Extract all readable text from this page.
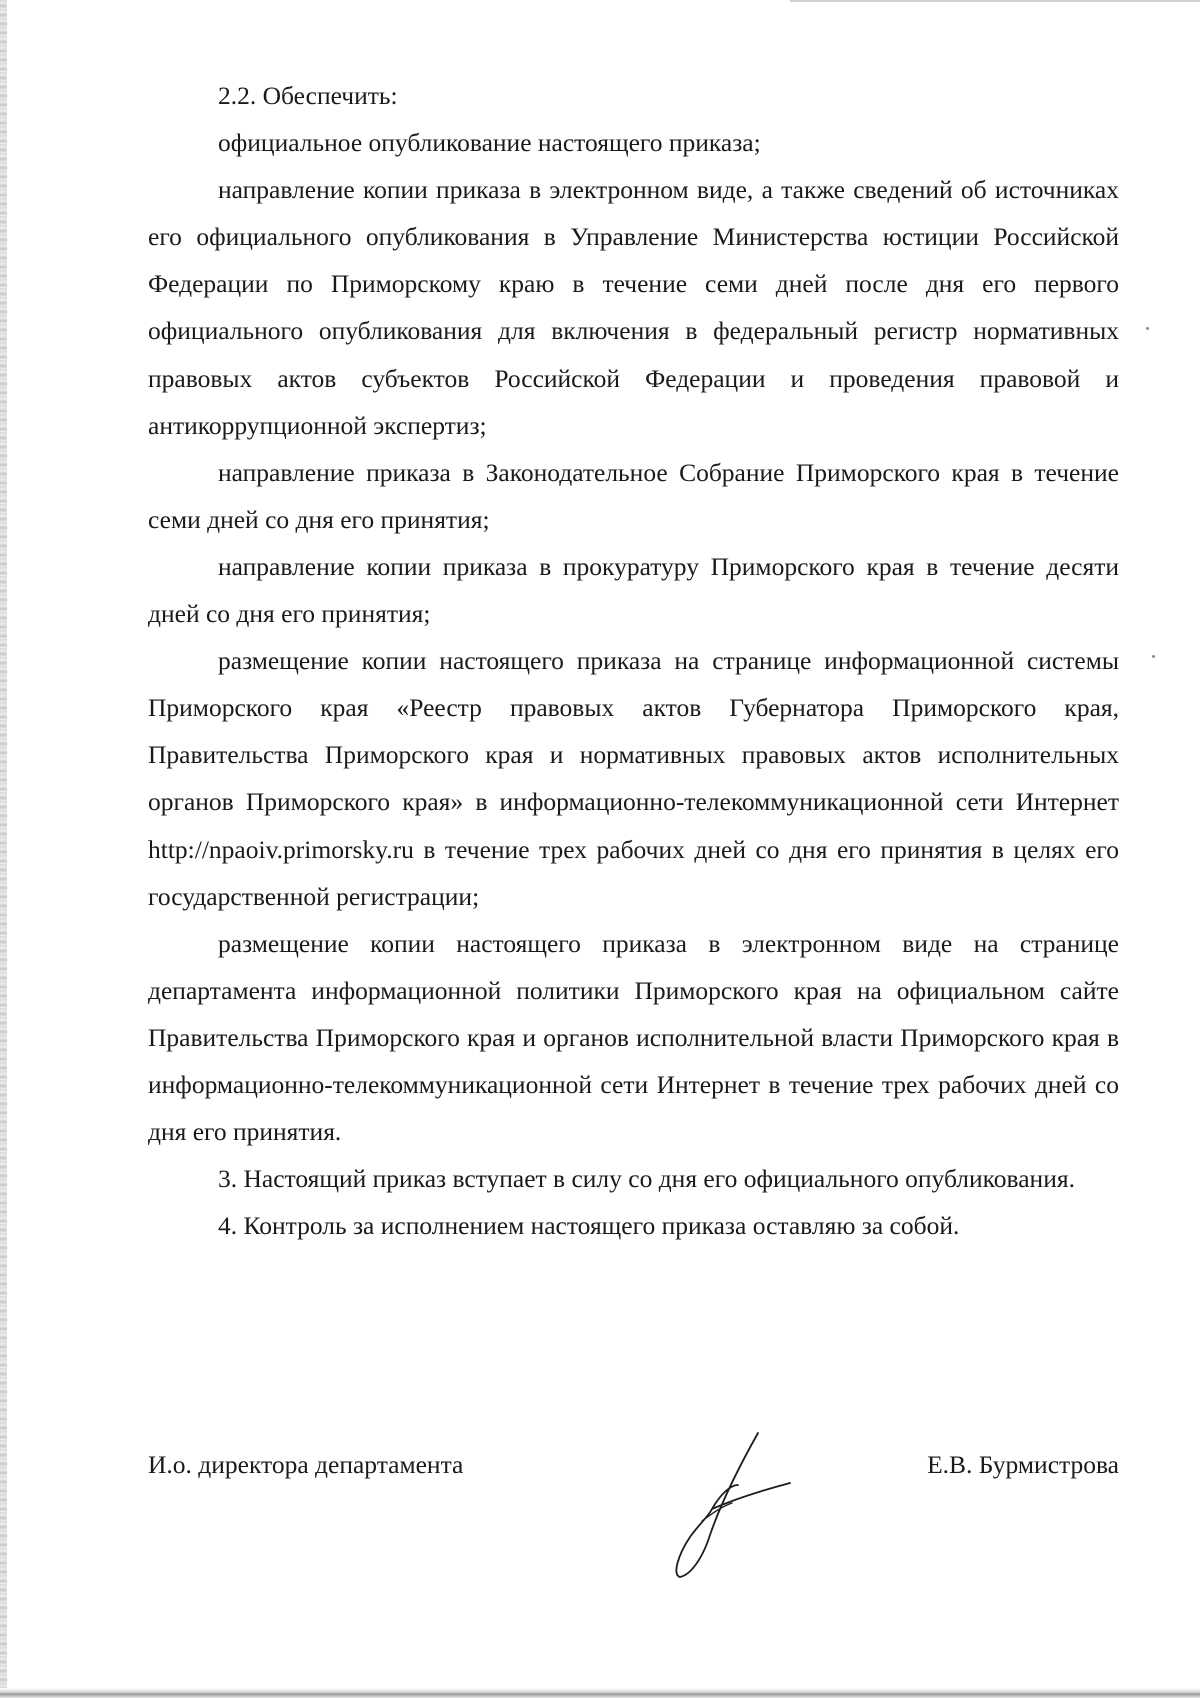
2.2. Обеспечить:

официальное опубликование настоящего приказа;

направление копии приказа в электронном виде, а также сведений об источниках его официального опубликования в Управление Министерства юстиции Российской Федерации по Приморскому краю в течение семи дней после дня его первого официального опубликования для включения в федеральный регистр нормативных правовых актов субъектов Российской Федерации и проведения правовой и антикоррупционной экспертиз;

направление приказа в Законодательное Собрание Приморского края в течение семи дней со дня его принятия;

направление копии приказа в прокуратуру Приморского края в течение десяти дней со дня его принятия;

размещение копии настоящего приказа на странице информационной системы Приморского края «Реестр правовых актов Губернатора Приморского края, Правительства Приморского края и нормативных правовых актов исполнительных органов Приморского края» в информационно-телекоммуникационной сети Интернет http://npaoiv.primorsky.ru в течение трех рабочих дней со дня его принятия в целях его государственной регистрации;

размещение копии настоящего приказа в электронном виде на странице департамента информационной политики Приморского края на официальном сайте Правительства Приморского края и органов исполнительной власти Приморского края в информационно-телекоммуникационной сети Интернет в течение трех рабочих дней со дня его принятия.

3. Настоящий приказ вступает в силу со дня его официального опубликования.

4. Контроль за исполнением настоящего приказа оставляю за собой.

И.о. директора департамента	Е.В. Бурмистрова
